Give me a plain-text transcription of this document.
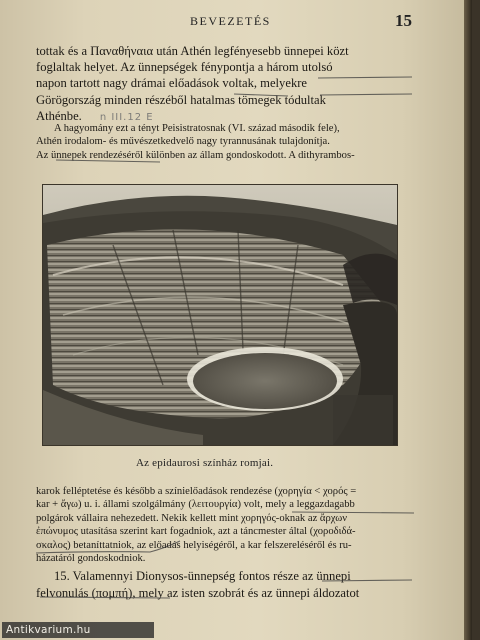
BEVEZETÉS	15
tottak és a Παναθήναια után Athén legfényesebb ünnepei közt
foglaltak helyet. Az ünnepségek fénypontja a három utolsó
napon tartott nagy drámai előadások voltak, melyekre
Görögország minden részéből hatalmas tömegek tódultak
Athénbe. n III.12 E
A hagyomány ezt a tényt Peisistratosnak (VI. század második fele),
Athén irodalom- és művészetkedvelő nagy tyrannusának tulajdonítja.
Az ünnepek rendezéséről különben az állam gondoskodott. A dithyrambos-
Az epidaurosi színház romjai.
karok felléptetése és később a színielőadások rendezése (χορηγία < χορός =
kar + ἄγω) u. i. állami szolgálmány (λειτουργία) volt, mely a leggazdagabb
polgárok vállaira nehezedett. Nekik kellett mint χορηγός-oknak az ἄρχων
ἐπώνυμος utasítása szerint kart fogadniok, azt a táncmester által (χοροδιδά-
σκαλος) betaníttatniok, az előadás helyiségéről, a kar felszereléséről és ru-
házatáról gondoskodniok.
15. Valamennyi Dionysos-ünnepség fontos része az ünnepi
felvonulás (πομπή), mely az isten szobrát és az ünnepi áldozatot
Antikvarium.hu
